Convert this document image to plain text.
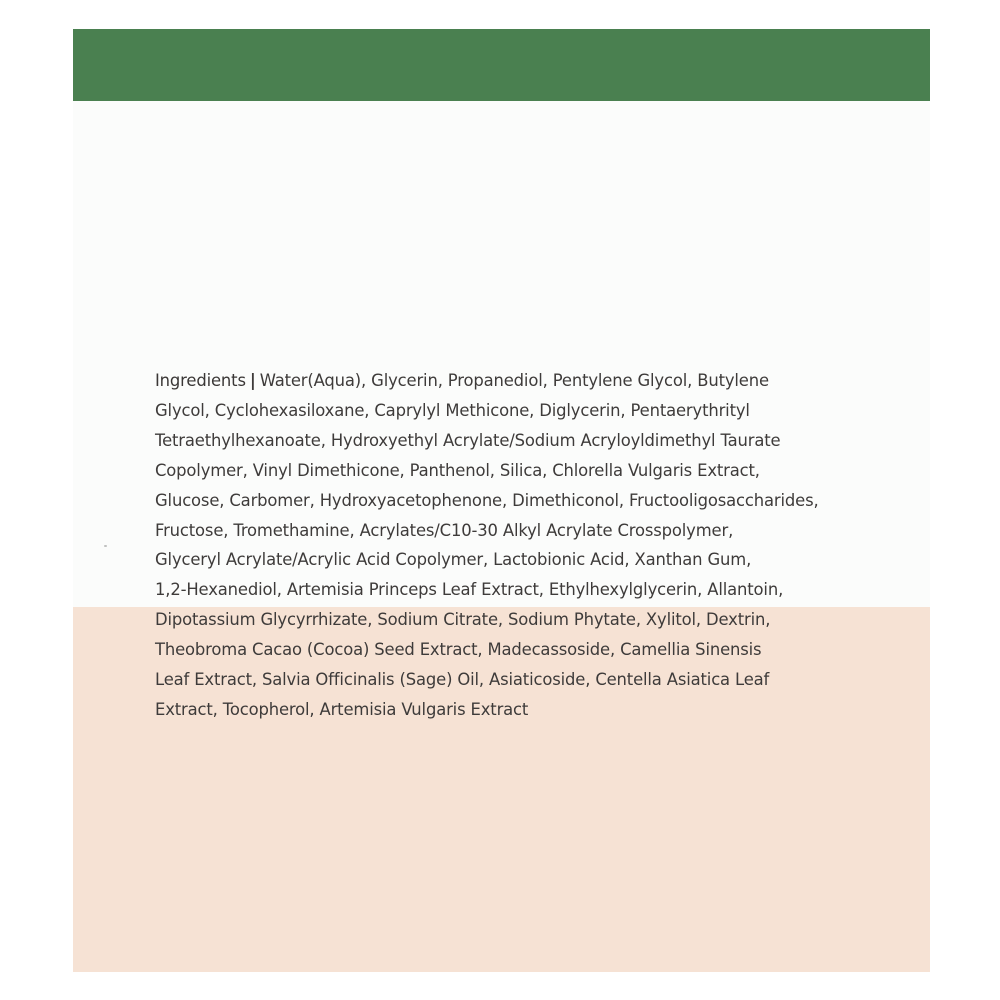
Ingredients | Water(Aqua), Glycerin, Propanediol, Pentylene Glycol, Butylene
Glycol, Cyclohexasiloxane, Caprylyl Methicone, Diglycerin, Pentaerythrityl
Tetraethylhexanoate, Hydroxyethyl Acrylate/Sodium Acryloyldimethyl Taurate
Copolymer, Vinyl Dimethicone, Panthenol, Silica, Chlorella Vulgaris Extract,
Glucose, Carbomer, Hydroxyacetophenone, Dimethiconol, Fructooligosaccharides,
Fructose, Tromethamine, Acrylates/C10-30 Alkyl Acrylate Crosspolymer,
Glyceryl Acrylate/Acrylic Acid Copolymer, Lactobionic Acid, Xanthan Gum,
1,2-Hexanediol, Artemisia Princeps Leaf Extract, Ethylhexylglycerin, Allantoin,
Dipotassium Glycyrrhizate, Sodium Citrate, Sodium Phytate, Xylitol, Dextrin,
Theobroma Cacao (Cocoa) Seed Extract, Madecassoside, Camellia Sinensis
Leaf Extract, Salvia Officinalis (Sage) Oil, Asiaticoside, Centella Asiatica Leaf
Extract, Tocopherol, Artemisia Vulgaris Extract
